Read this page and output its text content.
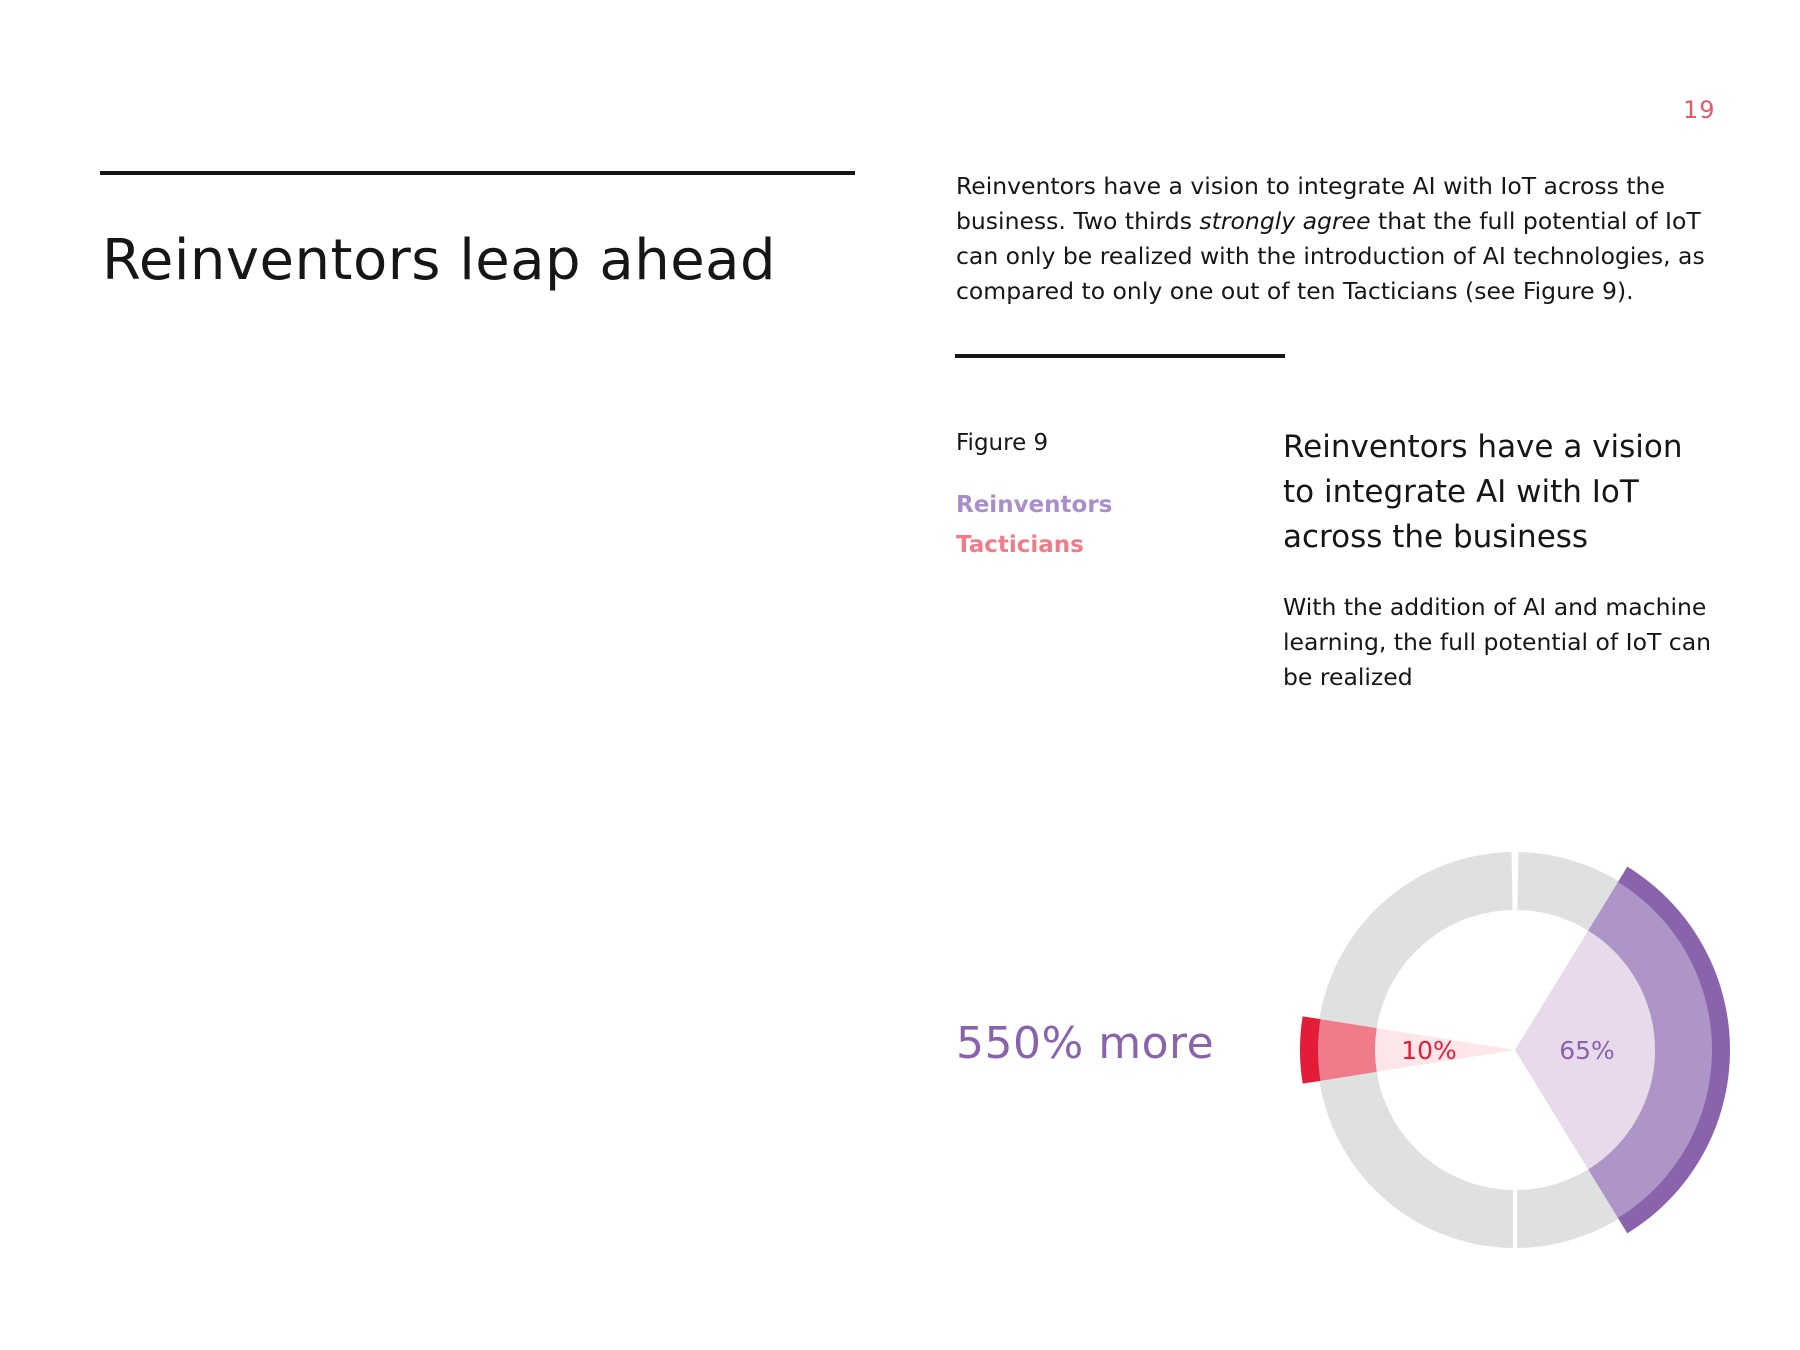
19
Reinventors leap ahead

Reinventors have a vision to integrate AI with IoT across the business. Two thirds strongly agree that the full potential of IoT can only be realized with the introduction of AI technologies, as compared to only one out of ten Tacticians (see Figure 9).

Figure 9
Reinventors
Tacticians
Reinventors have a vision to integrate AI with IoT across the business

With the addition of AI and machine learning, the full potential of IoT can be realized

550% more	65%
10%
